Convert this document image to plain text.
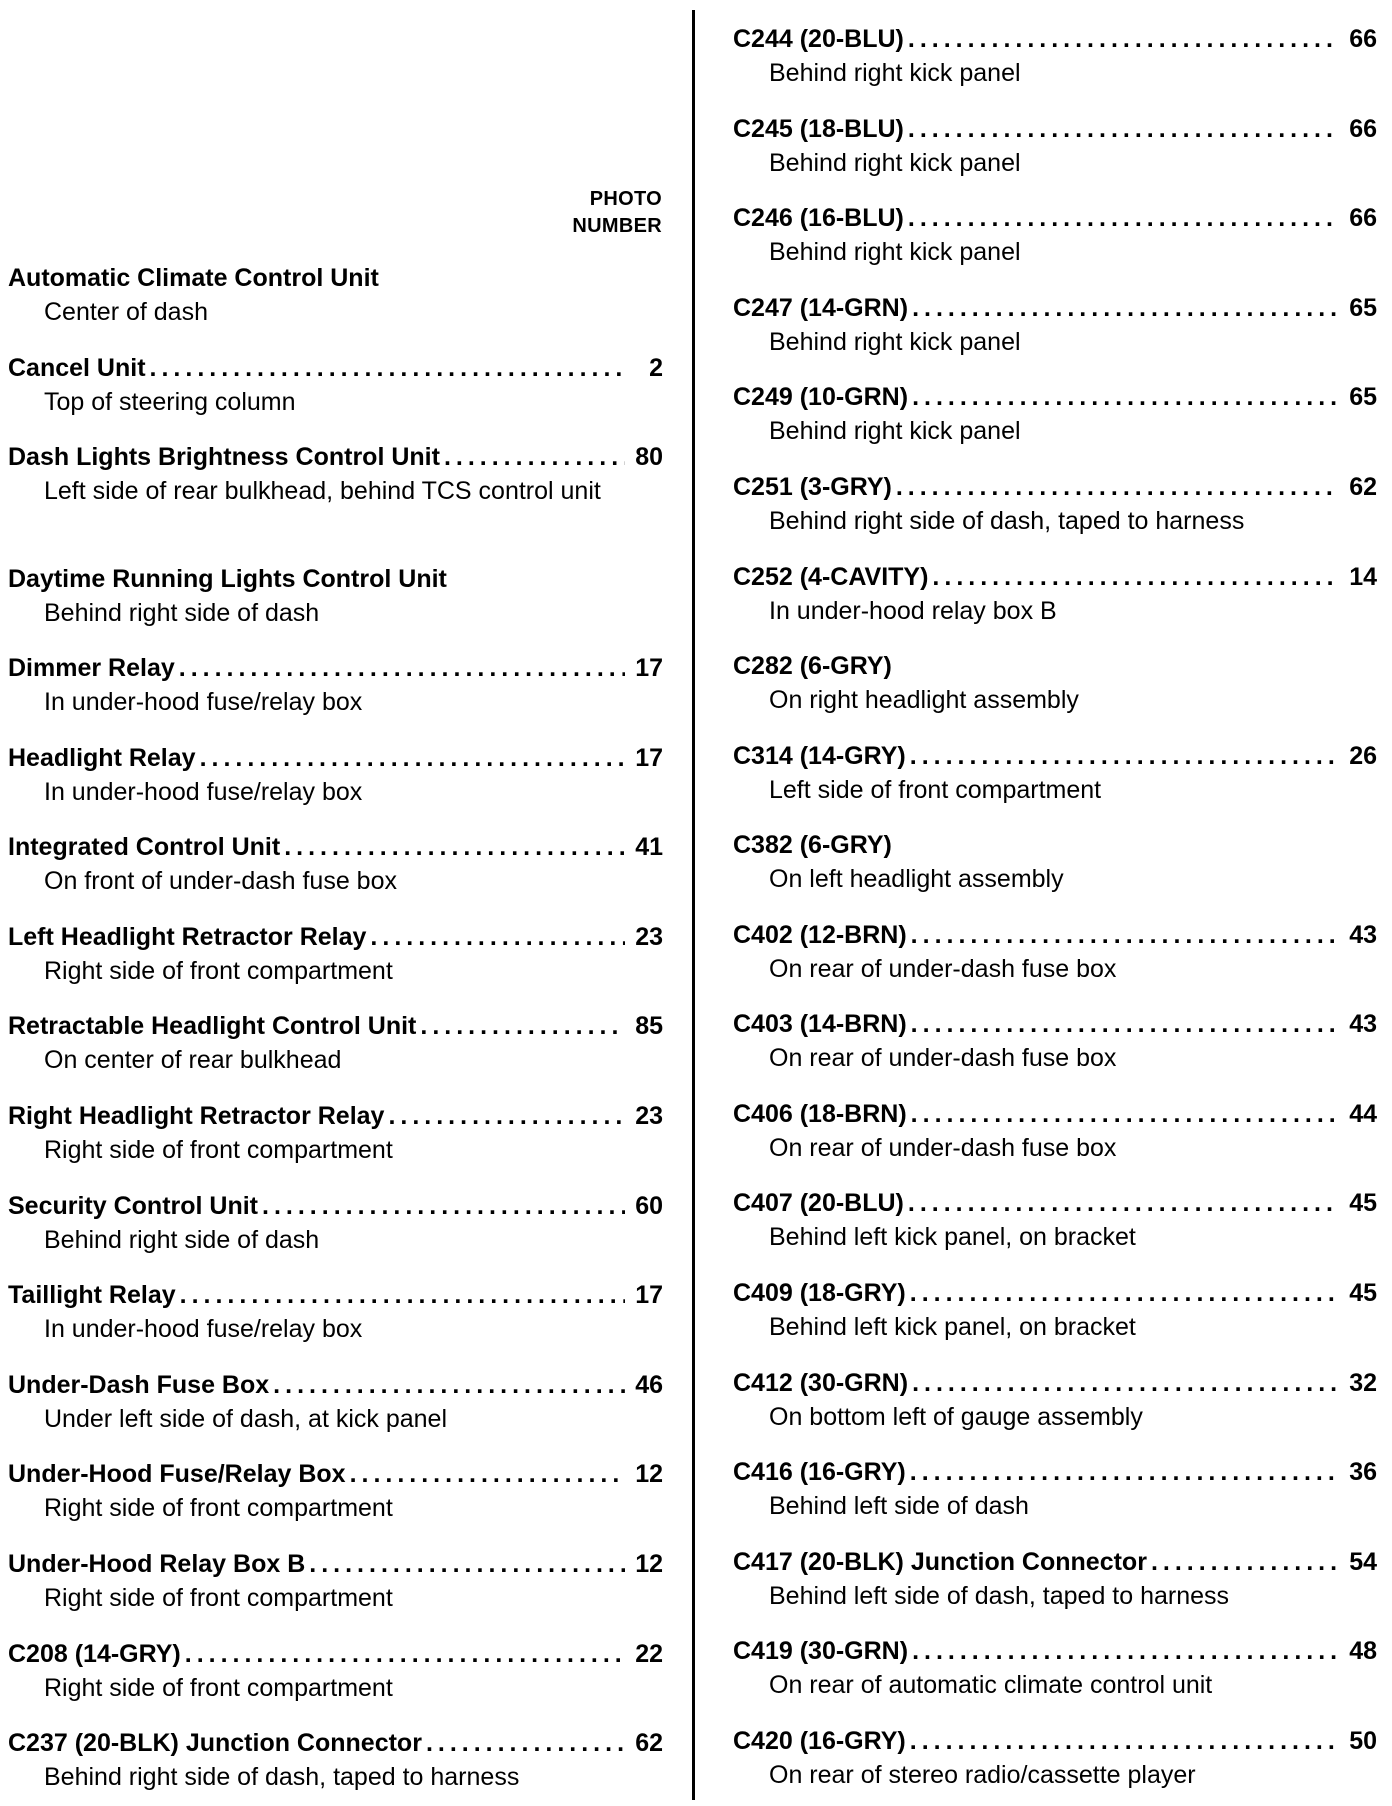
PHOTO
NUMBER
Automatic Climate Control Unit
Center of dash
Cancel Unit .....	2
Top of steering column
Dash Lights Brightness Control Unit .....	80
Left side of rear bulkhead, behind TCS control unit
Daytime Running Lights Control Unit
Behind right side of dash
Dimmer Relay .....	17
In under-hood fuse/relay box
Headlight Relay .....	17
In under-hood fuse/relay box
Integrated Control Unit .....	41
On front of under-dash fuse box
Left Headlight Retractor Relay .....	23
Right side of front compartment
Retractable Headlight Control Unit .....	85
On center of rear bulkhead
Right Headlight Retractor Relay .....	23
Right side of front compartment
Security Control Unit .....	60
Behind right side of dash
Taillight Relay .....	17
In under-hood fuse/relay box
Under-Dash Fuse Box .....	46
Under left side of dash, at kick panel
Under-Hood Fuse/Relay Box .....	12
Right side of front compartment
Under-Hood Relay Box B .....	12
Right side of front compartment
C208 (14-GRY) .....	22
Right side of front compartment
C237 (20-BLK) Junction Connector .....	62
Behind right side of dash, taped to harness
C244 (20-BLU) .....	66
Behind right kick panel
C245 (18-BLU) .....	66
Behind right kick panel
C246 (16-BLU) .....	66
Behind right kick panel
C247 (14-GRN) .....	65
Behind right kick panel
C249 (10-GRN) .....	65
Behind right kick panel
C251 (3-GRY) .....	62
Behind right side of dash, taped to harness
C252 (4-CAVITY) .....	14
In under-hood relay box B
C282 (6-GRY)
On right headlight assembly
C314 (14-GRY) .....	26
Left side of front compartment
C382 (6-GRY)
On left headlight assembly
C402 (12-BRN) .....	43
On rear of under-dash fuse box
C403 (14-BRN) .....	43
On rear of under-dash fuse box
C406 (18-BRN) .....	44
On rear of under-dash fuse box
C407 (20-BLU) .....	45
Behind left kick panel, on bracket
C409 (18-GRY) .....	45
Behind left kick panel, on bracket
C412 (30-GRN) .....	32
On bottom left of gauge assembly
C416 (16-GRY) .....	36
Behind left side of dash
C417 (20-BLK) Junction Connector .....	54
Behind left side of dash, taped to harness
C419 (30-GRN) .....	48
On rear of automatic climate control unit
C420 (16-GRY) .....	50
On rear of stereo radio/cassette player
